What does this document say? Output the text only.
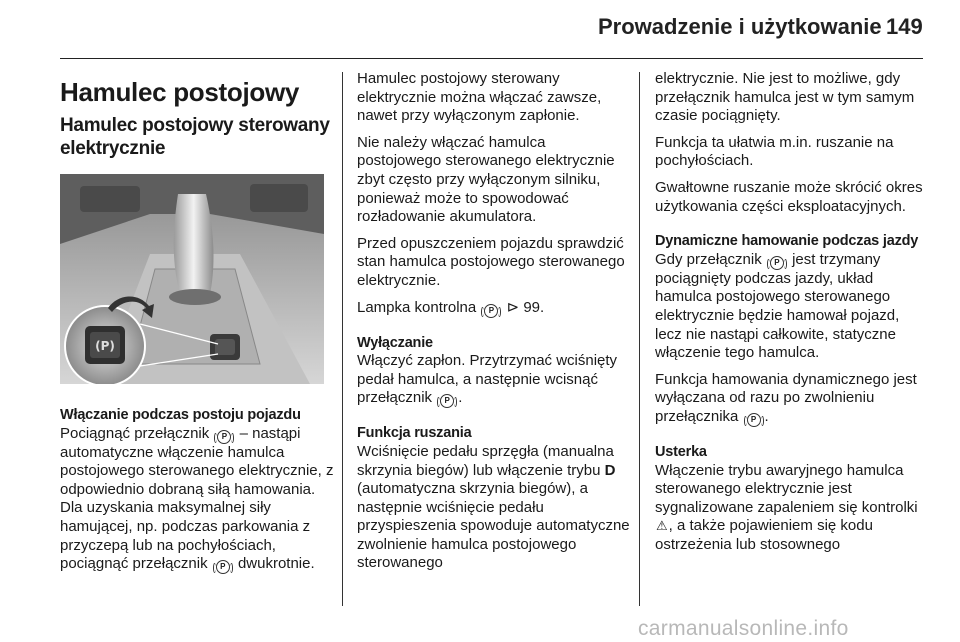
Prowadzenie i użytkowanie 149
Hamulec postojowy
Hamulec postojowy sterowany elektrycznie
(P)
Włączanie podczas postoju pojazdu
Pociągnąć przełącznik P – nastąpi automatyczne włączenie hamulca postojowego sterowanego elektrycznie, z odpowiednio dobraną siłą hamowania. Dla uzyskania maksymalnej siły hamującej, np. podczas parkowania z przyczepą lub na pochyłościach, pociągnąć przełącznik P dwukrotnie.

Hamulec postojowy sterowany elektrycznie można włączać zawsze, nawet przy wyłączonym zapłonie.

Nie należy włączać hamulca postojowego sterowanego elektrycznie zbyt często przy wyłączonym silniku, ponieważ może to spowodować rozładowanie akumulatora.

Przed opuszczeniem pojazdu sprawdzić stan hamulca postojowego sterowanego elektrycznie.

Lampka kontrolna P ⊳ 99.

Wyłączanie

Włączyć zapłon. Przytrzymać wciśnięty pedał hamulca, a następnie wcisnąć przełącznik P .

Funkcja ruszania

Wciśnięcie pedału sprzęgła (manualna skrzynia biegów) lub włączenie trybu D (automatyczna skrzynia biegów), a następnie wciśnięcie pedału przyspieszenia spowoduje automatyczne zwolnienie hamulca postojowego sterowanego

elektrycznie. Nie jest to możliwe, gdy przełącznik hamulca jest w tym samym czasie pociągnięty.

Funkcja ta ułatwia m.in. ruszanie na pochyłościach.

Gwałtowne ruszanie może skrócić okres użytkowania części eksploatacyjnych.

Dynamiczne hamowanie podczas jazdy

Gdy przełącznik P jest trzymany pociągnięty podczas jazdy, układ hamulca postojowego sterowanego elektrycznie będzie hamował pojazd, lecz nie nastąpi całkowite, statyczne włączenie tego hamulca.

Funkcja hamowania dynamicznego jest wyłączana od razu po zwolnieniu przełącznika P .

Usterka

Włączenie trybu awaryjnego hamulca sterowanego elektrycznie jest sygnalizowane zapaleniem się kontrolki ⚠, a także pojawieniem się kodu ostrzeżenia lub stosownego

carmanualsonline.info
